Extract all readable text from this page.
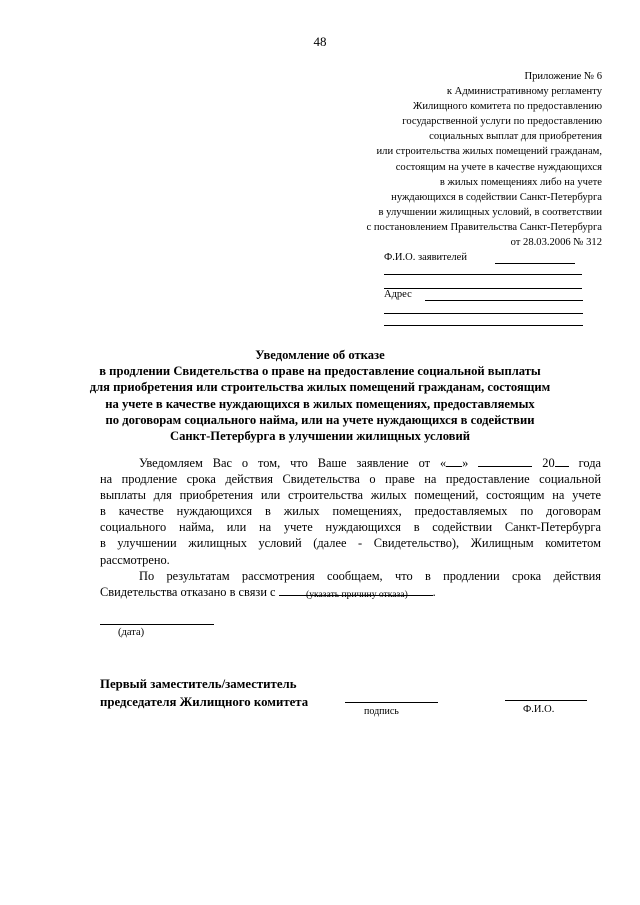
48
Приложение № 6
к Административному регламенту
Жилищного комитета по предоставлению
государственной услуги по предоставлению
социальных выплат для приобретения
или строительства жилых помещений гражданам,
состоящим на учете в качестве нуждающихся
в жилых помещениях либо на учете
нуждающихся в содействии Санкт-Петербурга
в улучшении жилищных условий, в соответствии
с постановлением Правительства Санкт-Петербурга
от 28.03.2006 № 312
Ф.И.О. заявителей
Адрес
Уведомление об отказе
в продлении Свидетельства о праве на предоставление социальной выплаты
для приобретения или строительства жилых помещений гражданам, состоящим
на учете в качестве нуждающихся в жилых помещениях, предоставляемых
по договорам социального найма, или на учете нуждающихся в содействии
Санкт-Петербурга в улучшении жилищных условий
Уведомляем Вас о том, что Ваше заявление от « »	20 года
на продление срока действия Свидетельства о праве на предоставление социальной
выплаты для приобретения или строительства жилых помещений, состоящим на учете
в качестве нуждающихся в жилых помещениях, предоставляемых по договорам
социального найма, или на учете нуждающихся в содействии Санкт-Петербурга
в улучшении жилищных условий (далее - Свидетельство), Жилищным комитетом
рассмотрено.
По результатам рассмотрения сообщаем, что в продлении срока действия
Свидетельства отказано в связи с	.
(указать причину отказа)
(дата)
Первый заместитель/заместитель
председателя Жилищного комитета
подпись	Ф.И.О.
